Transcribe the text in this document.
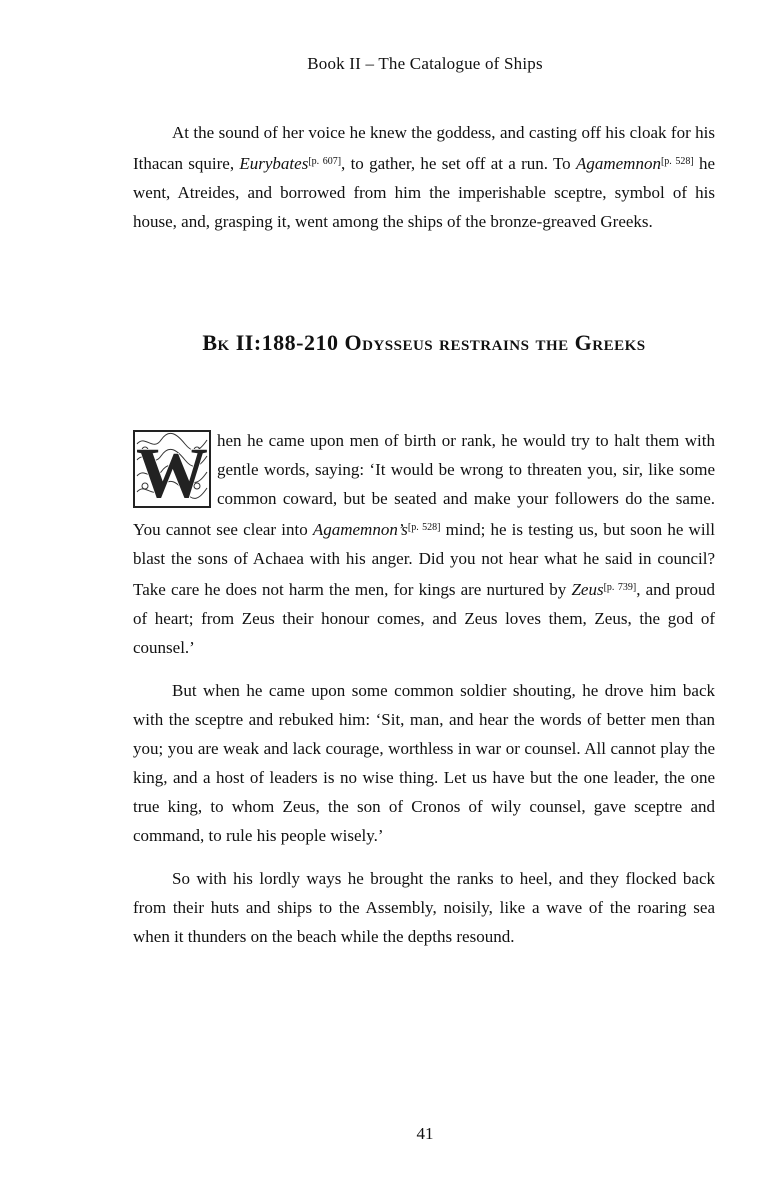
Book II – The Catalogue of Ships

At the sound of her voice he knew the goddess, and casting off his cloak for his Ithacan squire, Eurybates[p. 607], to gather, he set off at a run. To Agamemnon[p. 528] he went, Atreides, and borrowed from him the imperishable sceptre, symbol of his house, and, grasping it, went among the ships of the bronze-greaved Greeks.

Bk II:188-210 Odysseus restrains the Greeks

W hen he came upon men of birth or rank, he would try to halt them with gentle words, saying: ‘It would be wrong to threaten you, sir, like some common coward, but be seated and make your followers do the same. You cannot see clear into Agamemnon’s[p. 528] mind; he is testing us, but soon he will blast the sons of Achaea with his anger. Did you not hear what he said in council? Take care he does not harm the men, for kings are nurtured by Zeus[p. 739], and proud of heart; from Zeus their honour comes, and Zeus loves them, Zeus, the god of counsel.’

But when he came upon some common soldier shouting, he drove him back with the sceptre and rebuked him: ‘Sit, man, and hear the words of better men than you; you are weak and lack courage, worthless in war or counsel. All cannot play the king, and a host of leaders is no wise thing. Let us have but the one leader, the one true king, to whom Zeus, the son of Cronos of wily counsel, gave sceptre and command, to rule his people wisely.’

So with his lordly ways he brought the ranks to heel, and they flocked back from their huts and ships to the Assembly, noisily, like a wave of the roaring sea when it thunders on the beach while the depths resound.

41
